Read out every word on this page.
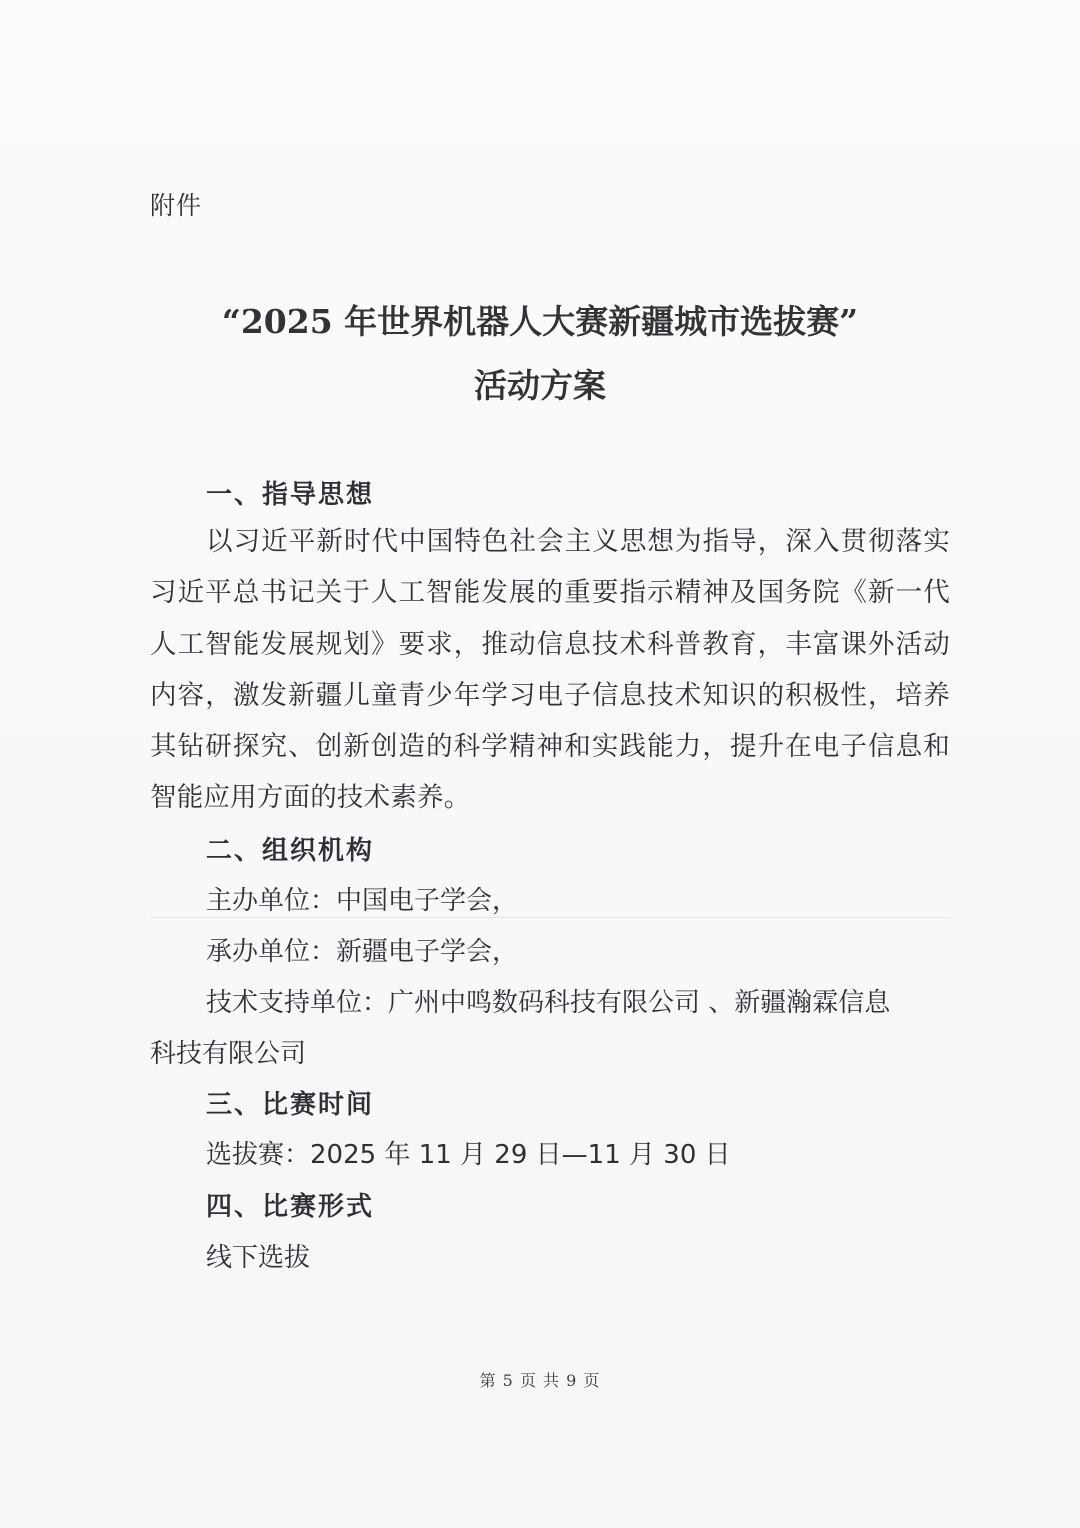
附件
“2025 年世界机器人大赛新疆城市选拔赛”
活动方案
一、指导思想
以习近平新时代中国特色社会主义思想为指导，深入贯彻落实习近平总书记关于人工智能发展的重要指示精神及国务院《新一代人工智能发展规划》要求，推动信息技术科普教育，丰富课外活动内容，激发新疆儿童青少年学习电子信息技术知识的积极性，培养其钻研探究、创新创造的科学精神和实践能力，提升在电子信息和智能应用方面的技术素养。
二、组织机构
主办单位：中国电子学会，
承办单位：新疆电子学会，
技术支持单位：广州中鸣数码科技有限公司 、新疆瀚霖信息
科技有限公司
三、比赛时间
选拔赛：2025 年 11 月 29 日—11 月 30 日
四、比赛形式
线下选拔
第 5 页 共 9 页
